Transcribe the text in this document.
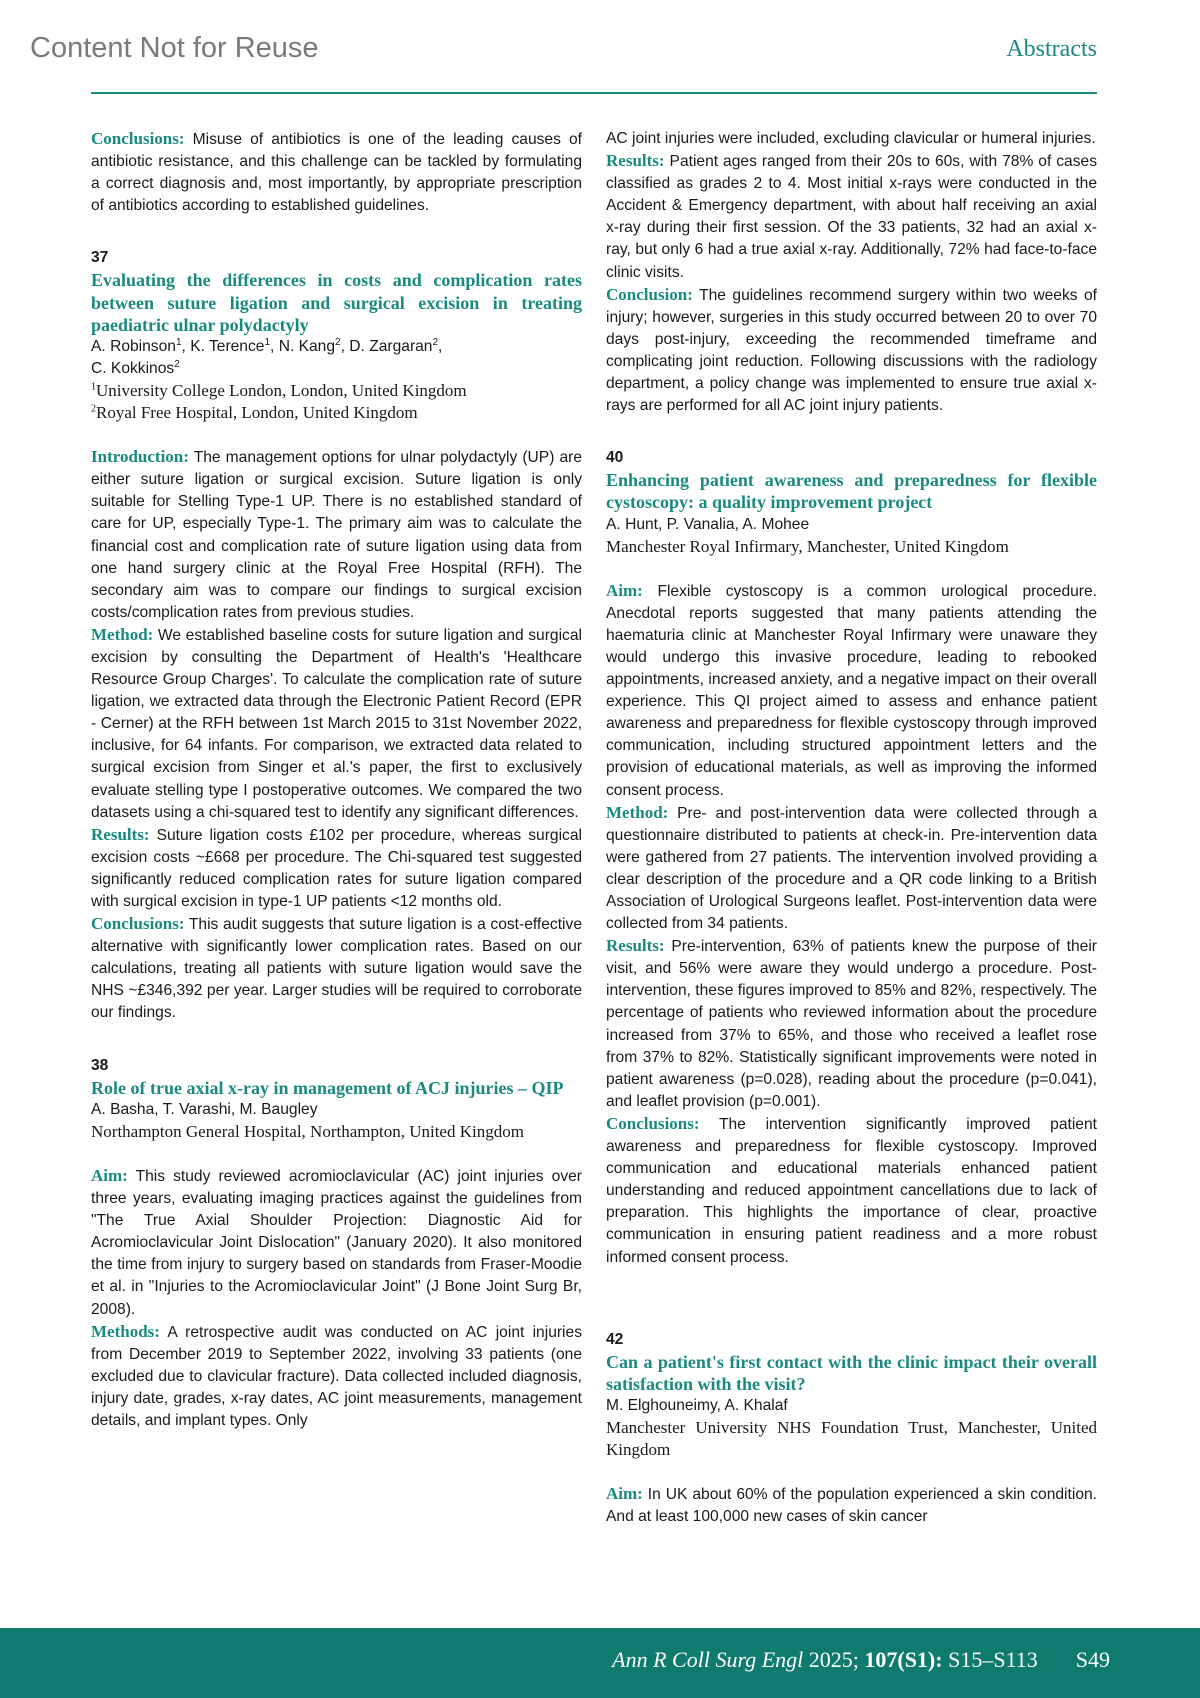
Content Not for Reuse	Abstracts

Conclusions: Misuse of antibiotics is one of the leading causes of antibiotic resistance, and this challenge can be tackled by formulating a correct diagnosis and, most importantly, by appropriate prescription of antibiotics according to established guidelines.

37

Evaluating the differences in costs and complication rates between suture ligation and surgical excision in treating paediatric ulnar polydactyly

A. Robinson$^1$, K. Terence$^1$, N. Kang$^2$, D. Zargaran$^2$,
C. Kokkinos$^2$

$^1$University College London, London, United Kingdom

$^2$Royal Free Hospital, London, United Kingdom

Introduction: The management options for ulnar polydactyly (UP) are either suture ligation or surgical excision. Suture ligation is only suitable for Stelling Type-1 UP. There is no established standard of care for UP, especially Type-1. The primary aim was to calculate the financial cost and complication rate of suture ligation using data from one hand surgery clinic at the Royal Free Hospital (RFH). The secondary aim was to compare our findings to surgical excision costs/complication rates from previous studies.

Method: We established baseline costs for suture ligation and surgical excision by consulting the Department of Health's 'Healthcare Resource Group Charges'. To calculate the complication rate of suture ligation, we extracted data through the Electronic Patient Record (EPR - Cerner) at the RFH between 1st March 2015 to 31st November 2022, inclusive, for 64 infants. For comparison, we extracted data related to surgical excision from Singer et al.'s paper, the first to exclusively evaluate stelling type I postoperative outcomes. We compared the two datasets using a chi-squared test to identify any significant differences.

Results: Suture ligation costs £102 per procedure, whereas surgical excision costs ~£668 per procedure. The Chi-squared test suggested significantly reduced complication rates for suture ligation compared with surgical excision in type-1 UP patients <12 months old.

Conclusions: This audit suggests that suture ligation is a cost-effective alternative with significantly lower complication rates. Based on our calculations, treating all patients with suture ligation would save the NHS ~£346,392 per year. Larger studies will be required to corroborate our findings.

38

Role of true axial x-ray in management of ACJ injuries – QIP

A. Basha, T. Varashi, M. Baugley

Northampton General Hospital, Northampton, United Kingdom

Aim: This study reviewed acromioclavicular (AC) joint injuries over three years, evaluating imaging practices against the guidelines from "The True Axial Shoulder Projection: Diagnostic Aid for Acromioclavicular Joint Dislocation" (January 2020). It also monitored the time from injury to surgery based on standards from Fraser-Moodie et al. in "Injuries to the Acromioclavicular Joint" (J Bone Joint Surg Br, 2008).

Methods: A retrospective audit was conducted on AC joint injuries from December 2019 to September 2022, involving 33 patients (one excluded due to clavicular fracture). Data collected included diagnosis, injury date, grades, x-ray dates, AC joint measurements, management details, and implant types. Only

AC joint injuries were included, excluding clavicular or humeral injuries.

Results: Patient ages ranged from their 20s to 60s, with 78% of cases classified as grades 2 to 4. Most initial x-rays were conducted in the Accident & Emergency department, with about half receiving an axial x-ray during their first session. Of the 33 patients, 32 had an axial x-ray, but only 6 had a true axial x-ray. Additionally, 72% had face-to-face clinic visits.

Conclusion: The guidelines recommend surgery within two weeks of injury; however, surgeries in this study occurred between 20 to over 70 days post-injury, exceeding the recommended timeframe and complicating joint reduction. Following discussions with the radiology department, a policy change was implemented to ensure true axial x-rays are performed for all AC joint injury patients.

40

Enhancing patient awareness and preparedness for flexible cystoscopy: a quality improvement project

A. Hunt, P. Vanalia, A. Mohee

Manchester Royal Infirmary, Manchester, United Kingdom

Aim: Flexible cystoscopy is a common urological procedure. Anecdotal reports suggested that many patients attending the haematuria clinic at Manchester Royal Infirmary were unaware they would undergo this invasive procedure, leading to rebooked appointments, increased anxiety, and a negative impact on their overall experience. This QI project aimed to assess and enhance patient awareness and preparedness for flexible cystoscopy through improved communication, including structured appointment letters and the provision of educational materials, as well as improving the informed consent process.

Method: Pre- and post-intervention data were collected through a questionnaire distributed to patients at check-in. Pre-intervention data were gathered from 27 patients. The intervention involved providing a clear description of the procedure and a QR code linking to a British Association of Urological Surgeons leaflet. Post-intervention data were collected from 34 patients.

Results: Pre-intervention, 63% of patients knew the purpose of their visit, and 56% were aware they would undergo a procedure. Post-intervention, these figures improved to 85% and 82%, respectively. The percentage of patients who reviewed information about the procedure increased from 37% to 65%, and those who received a leaflet rose from 37% to 82%. Statistically significant improvements were noted in patient awareness (p=0.028), reading about the procedure (p=0.041), and leaflet provision (p=0.001).

Conclusions: The intervention significantly improved patient awareness and preparedness for flexible cystoscopy. Improved communication and educational materials enhanced patient understanding and reduced appointment cancellations due to lack of preparation. This highlights the importance of clear, proactive communication in ensuring patient readiness and a more robust informed consent process.

42

Can a patient's first contact with the clinic impact their overall satisfaction with the visit?

M. Elghouneimy, A. Khalaf

Manchester University NHS Foundation Trust, Manchester, United Kingdom

Aim: In UK about 60% of the population experienced a skin condition. And at least 100,000 new cases of skin cancer

Ann R Coll Surg Engl 2025; 107(S1): S15–S113 S49
